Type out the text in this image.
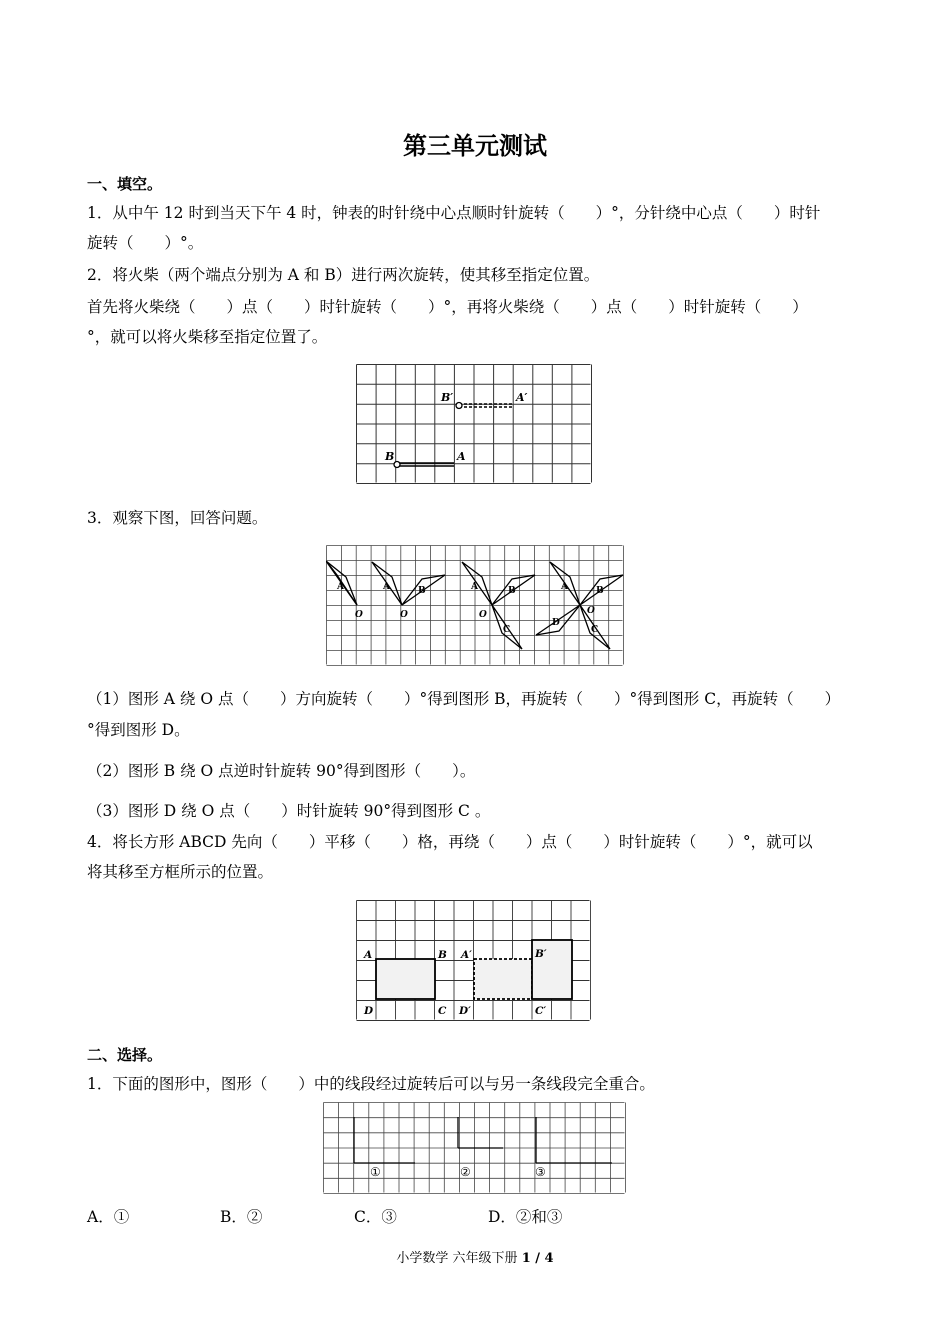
第三单元测试
一、填空。
1．从中午 12 时到当天下午 4 时，钟表的时针绕中心点顺时针旋转（　　）°，分针绕中心点（　　）时针
旋转（　　）°。
2．将火柴（两个端点分别为 A 和 B）进行两次旋转，使其移至指定位置。
首先将火柴绕（　　）点（　　）时针旋转（　　）°，再将火柴绕（　　）点（　　）时针旋转（　　）
°，就可以将火柴移至指定位置了。
B′	A′
B	A
3．观察下图，回答问题。
A
O
A	B
O
A	B
O
C
A	B
O
C
D
（1）图形 A 绕 O 点（　　）方向旋转（　　）°得到图形 B，再旋转（　　）°得到图形 C，再旋转（　　）
°得到图形 D。
（2）图形 B 绕 O 点逆时针旋转 90°得到图形（　　）。
（3）图形 D 绕 O 点（　　）时针旋转 90°得到图形 C 。
4．将长方形 ABCD 先向（　　）平移（　　）格，再绕（　　）点（　　）时针旋转（　　）°，就可以
将其移至方框所示的位置。
A	B
D	C
A′	B′
D′	C′
二、选择。
1．下面的图形中，图形（　　）中的线段经过旋转后可以与另一条线段完全重合。
①	②	③
A．①	B．②	C．③	D．②和③
小学数学 六年级下册 1 / 4
